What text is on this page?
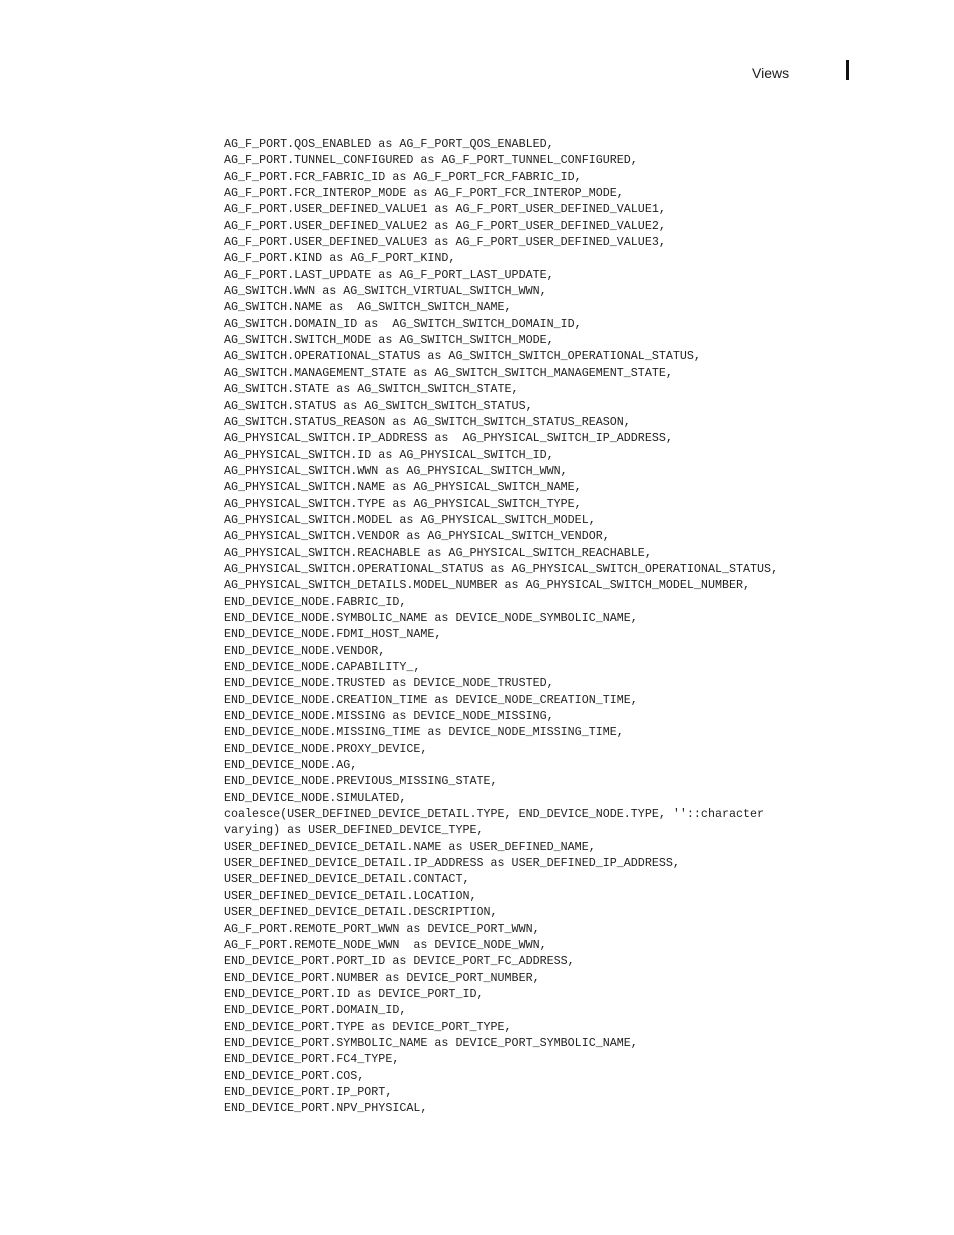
Views
AG_F_PORT.QOS_ENABLED as AG_F_PORT_QOS_ENABLED,
AG_F_PORT.TUNNEL_CONFIGURED as AG_F_PORT_TUNNEL_CONFIGURED,
AG_F_PORT.FCR_FABRIC_ID as AG_F_PORT_FCR_FABRIC_ID,
AG_F_PORT.FCR_INTEROP_MODE as AG_F_PORT_FCR_INTEROP_MODE,
AG_F_PORT.USER_DEFINED_VALUE1 as AG_F_PORT_USER_DEFINED_VALUE1,
AG_F_PORT.USER_DEFINED_VALUE2 as AG_F_PORT_USER_DEFINED_VALUE2,
AG_F_PORT.USER_DEFINED_VALUE3 as AG_F_PORT_USER_DEFINED_VALUE3,
AG_F_PORT.KIND as AG_F_PORT_KIND,
AG_F_PORT.LAST_UPDATE as AG_F_PORT_LAST_UPDATE,
AG_SWITCH.WWN as AG_SWITCH_VIRTUAL_SWITCH_WWN,
AG_SWITCH.NAME as  AG_SWITCH_SWITCH_NAME,
AG_SWITCH.DOMAIN_ID as  AG_SWITCH_SWITCH_DOMAIN_ID,
AG_SWITCH.SWITCH_MODE as AG_SWITCH_SWITCH_MODE,
AG_SWITCH.OPERATIONAL_STATUS as AG_SWITCH_SWITCH_OPERATIONAL_STATUS,
AG_SWITCH.MANAGEMENT_STATE as AG_SWITCH_SWITCH_MANAGEMENT_STATE,
AG_SWITCH.STATE as AG_SWITCH_SWITCH_STATE,
AG_SWITCH.STATUS as AG_SWITCH_SWITCH_STATUS,
AG_SWITCH.STATUS_REASON as AG_SWITCH_SWITCH_STATUS_REASON,
AG_PHYSICAL_SWITCH.IP_ADDRESS as  AG_PHYSICAL_SWITCH_IP_ADDRESS,
AG_PHYSICAL_SWITCH.ID as AG_PHYSICAL_SWITCH_ID,
AG_PHYSICAL_SWITCH.WWN as AG_PHYSICAL_SWITCH_WWN,
AG_PHYSICAL_SWITCH.NAME as AG_PHYSICAL_SWITCH_NAME,
AG_PHYSICAL_SWITCH.TYPE as AG_PHYSICAL_SWITCH_TYPE,
AG_PHYSICAL_SWITCH.MODEL as AG_PHYSICAL_SWITCH_MODEL,
AG_PHYSICAL_SWITCH.VENDOR as AG_PHYSICAL_SWITCH_VENDOR,
AG_PHYSICAL_SWITCH.REACHABLE as AG_PHYSICAL_SWITCH_REACHABLE,
AG_PHYSICAL_SWITCH.OPERATIONAL_STATUS as AG_PHYSICAL_SWITCH_OPERATIONAL_STATUS,
AG_PHYSICAL_SWITCH_DETAILS.MODEL_NUMBER as AG_PHYSICAL_SWITCH_MODEL_NUMBER,
END_DEVICE_NODE.FABRIC_ID,
END_DEVICE_NODE.SYMBOLIC_NAME as DEVICE_NODE_SYMBOLIC_NAME,
END_DEVICE_NODE.FDMI_HOST_NAME,
END_DEVICE_NODE.VENDOR,
END_DEVICE_NODE.CAPABILITY_,
END_DEVICE_NODE.TRUSTED as DEVICE_NODE_TRUSTED,
END_DEVICE_NODE.CREATION_TIME as DEVICE_NODE_CREATION_TIME,
END_DEVICE_NODE.MISSING as DEVICE_NODE_MISSING,
END_DEVICE_NODE.MISSING_TIME as DEVICE_NODE_MISSING_TIME,
END_DEVICE_NODE.PROXY_DEVICE,
END_DEVICE_NODE.AG,
END_DEVICE_NODE.PREVIOUS_MISSING_STATE,
END_DEVICE_NODE.SIMULATED,
coalesce(USER_DEFINED_DEVICE_DETAIL.TYPE, END_DEVICE_NODE.TYPE, ''::character
varying) as USER_DEFINED_DEVICE_TYPE,
USER_DEFINED_DEVICE_DETAIL.NAME as USER_DEFINED_NAME,
USER_DEFINED_DEVICE_DETAIL.IP_ADDRESS as USER_DEFINED_IP_ADDRESS,
USER_DEFINED_DEVICE_DETAIL.CONTACT,
USER_DEFINED_DEVICE_DETAIL.LOCATION,
USER_DEFINED_DEVICE_DETAIL.DESCRIPTION,
AG_F_PORT.REMOTE_PORT_WWN as DEVICE_PORT_WWN,
AG_F_PORT.REMOTE_NODE_WWN  as DEVICE_NODE_WWN,
END_DEVICE_PORT.PORT_ID as DEVICE_PORT_FC_ADDRESS,
END_DEVICE_PORT.NUMBER as DEVICE_PORT_NUMBER,
END_DEVICE_PORT.ID as DEVICE_PORT_ID,
END_DEVICE_PORT.DOMAIN_ID,
END_DEVICE_PORT.TYPE as DEVICE_PORT_TYPE,
END_DEVICE_PORT.SYMBOLIC_NAME as DEVICE_PORT_SYMBOLIC_NAME,
END_DEVICE_PORT.FC4_TYPE,
END_DEVICE_PORT.COS,
END_DEVICE_PORT.IP_PORT,
END_DEVICE_PORT.NPV_PHYSICAL,
